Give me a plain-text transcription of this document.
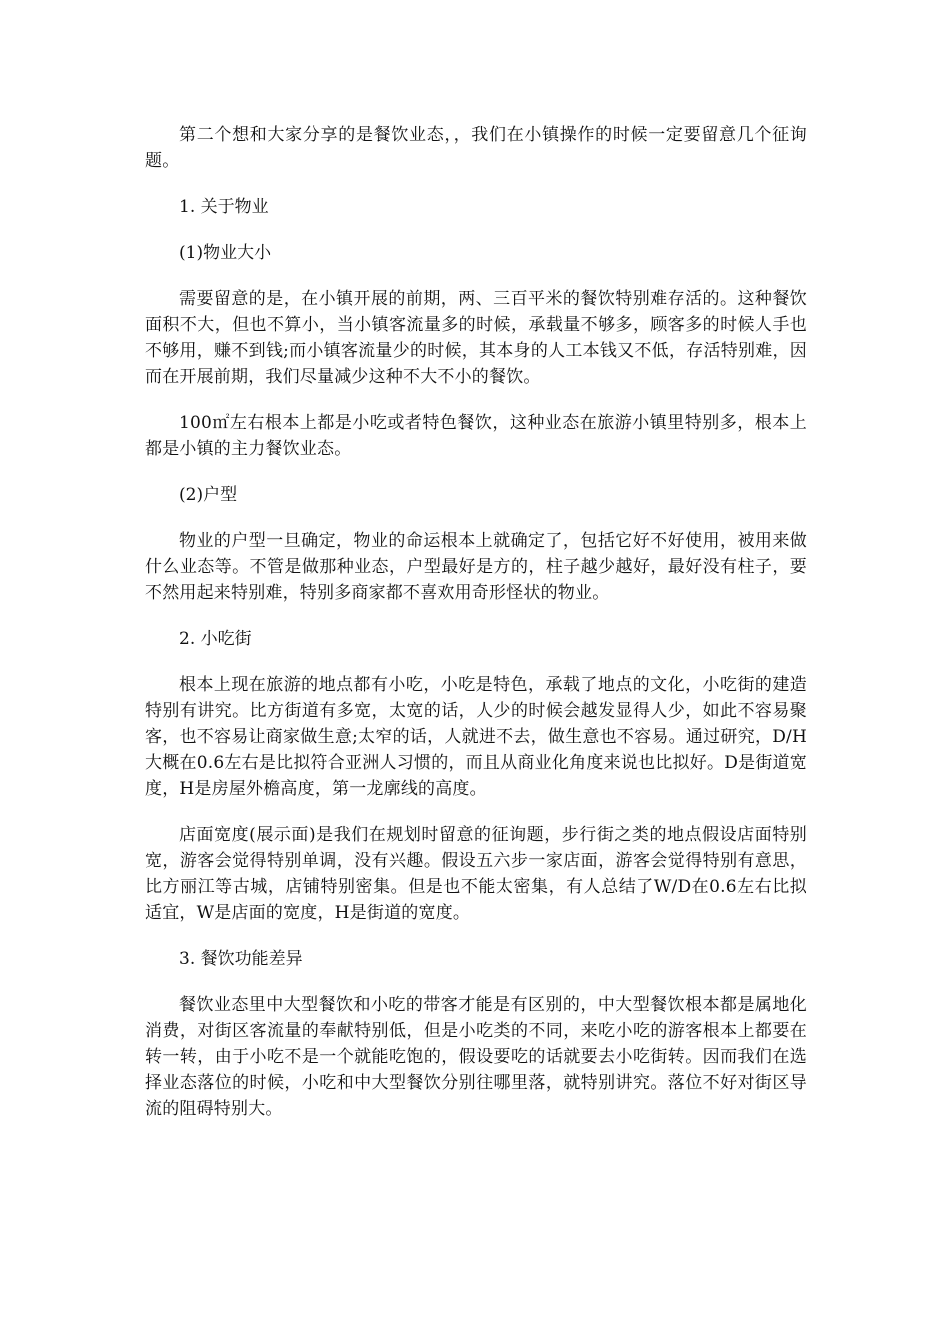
第二个想和大家分享的是餐饮业态，，我们在小镇操作的时候一定要留意几个征询题。

1. 关于物业

(1)物业大小

需要留意的是，在小镇开展的前期，两、三百平米的餐饮特别难存活的。这种餐饮面积不大，但也不算小，当小镇客流量多的时候，承载量不够多，顾客多的时候人手也不够用，赚不到钱;而小镇客流量少的时候，其本身的人工本钱又不低，存活特别难，因而在开展前期，我们尽量减少这种不大不小的餐饮。

100㎡左右根本上都是小吃或者特色餐饮，这种业态在旅游小镇里特别多，根本上都是小镇的主力餐饮业态。

(2)户型

物业的户型一旦确定，物业的命运根本上就确定了，包括它好不好使用，被用来做什么业态等。不管是做那种业态，户型最好是方的，柱子越少越好，最好没有柱子，要不然用起来特别难，特别多商家都不喜欢用奇形怪状的物业。

2. 小吃街

根本上现在旅游的地点都有小吃，小吃是特色，承载了地点的文化，小吃街的建造特别有讲究。比方街道有多宽，太宽的话，人少的时候会越发显得人少，如此不容易聚客，也不容易让商家做生意;太窄的话，人就进不去，做生意也不容易。通过研究，D/H大概在0.6左右是比拟符合亚洲人习惯的，而且从商业化角度来说也比拟好。D是街道宽度，H是房屋外檐高度，第一龙廓线的高度。

店面宽度(展示面)是我们在规划时留意的征询题，步行街之类的地点假设店面特别宽，游客会觉得特别单调，没有兴趣。假设五六步一家店面，游客会觉得特别有意思，比方丽江等古城，店铺特别密集。但是也不能太密集，有人总结了W/D在0.6左右比拟适宜，W是店面的宽度，H是街道的宽度。

3. 餐饮功能差异

餐饮业态里中大型餐饮和小吃的带客才能是有区别的，中大型餐饮根本都是属地化消费，对街区客流量的奉献特别低，但是小吃类的不同，来吃小吃的游客根本上都要在转一转，由于小吃不是一个就能吃饱的，假设要吃的话就要去小吃街转。因而我们在选择业态落位的时候，小吃和中大型餐饮分别往哪里落，就特别讲究。落位不好对街区导流的阻碍特别大。
